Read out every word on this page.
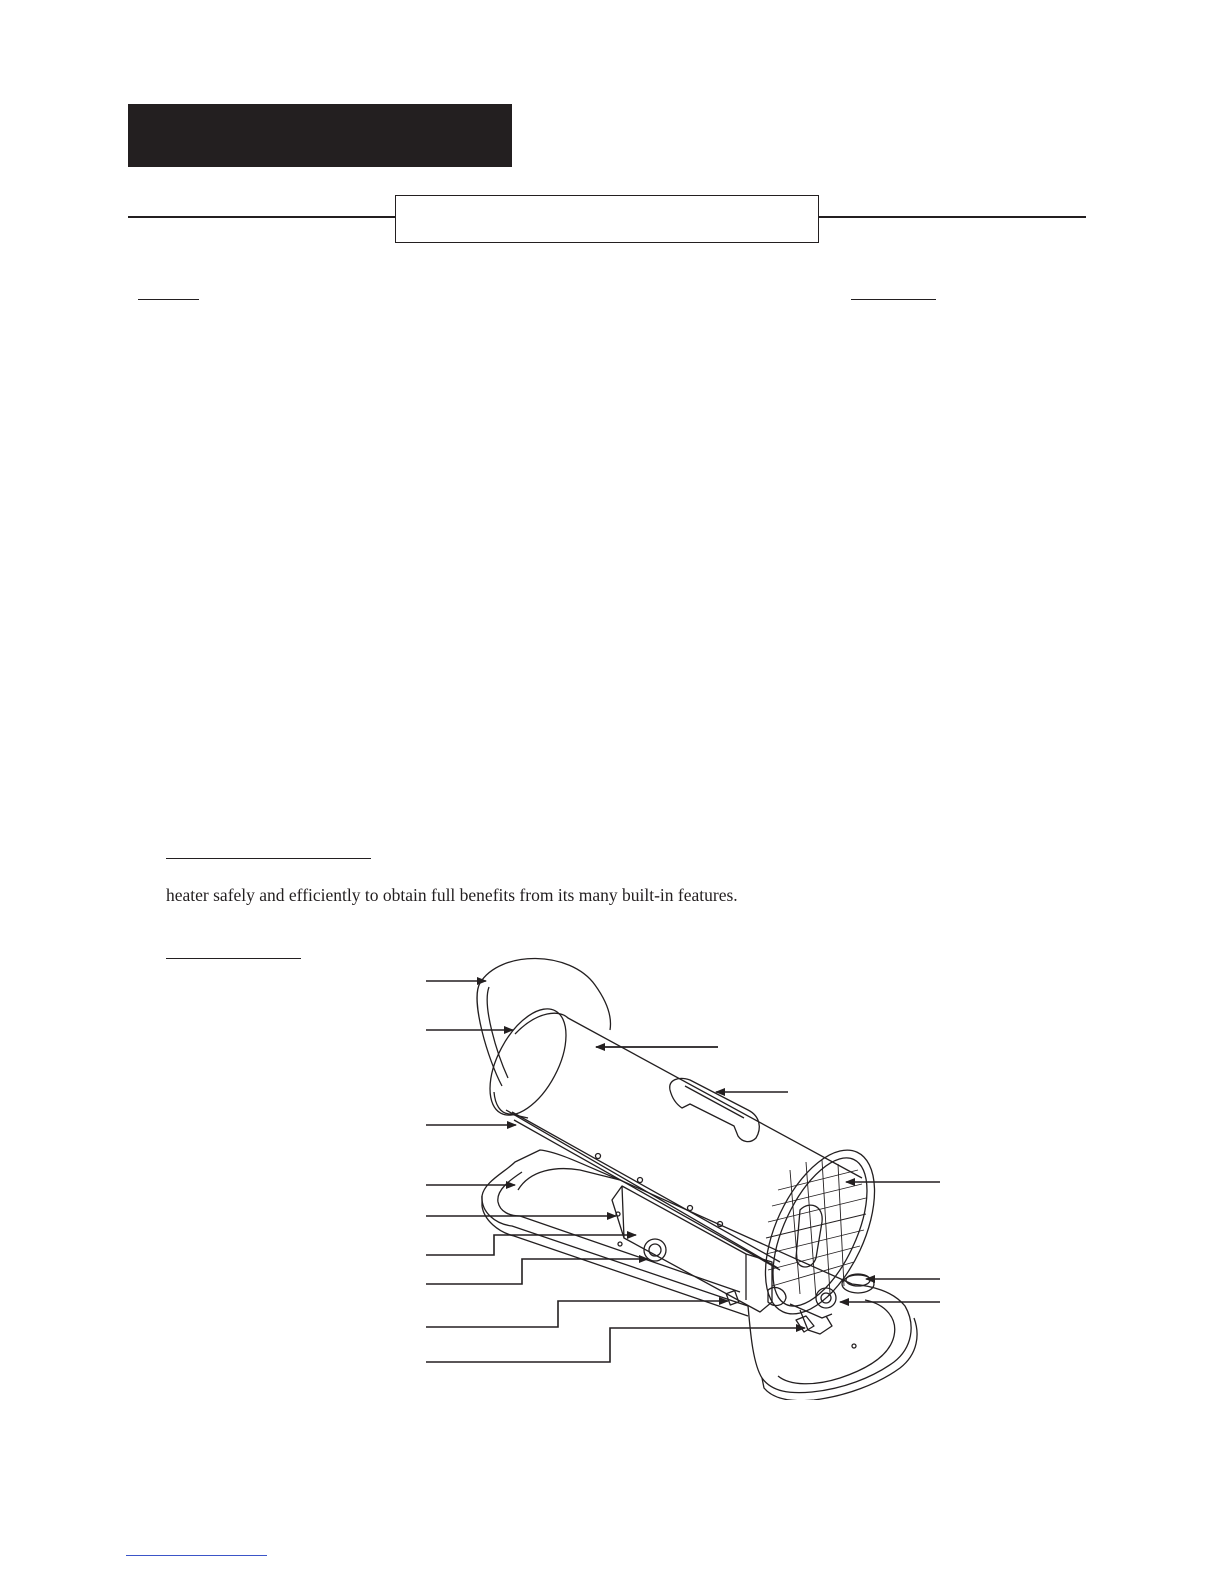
heater safely and efficiently to obtain full benefits from its many built-in features.
